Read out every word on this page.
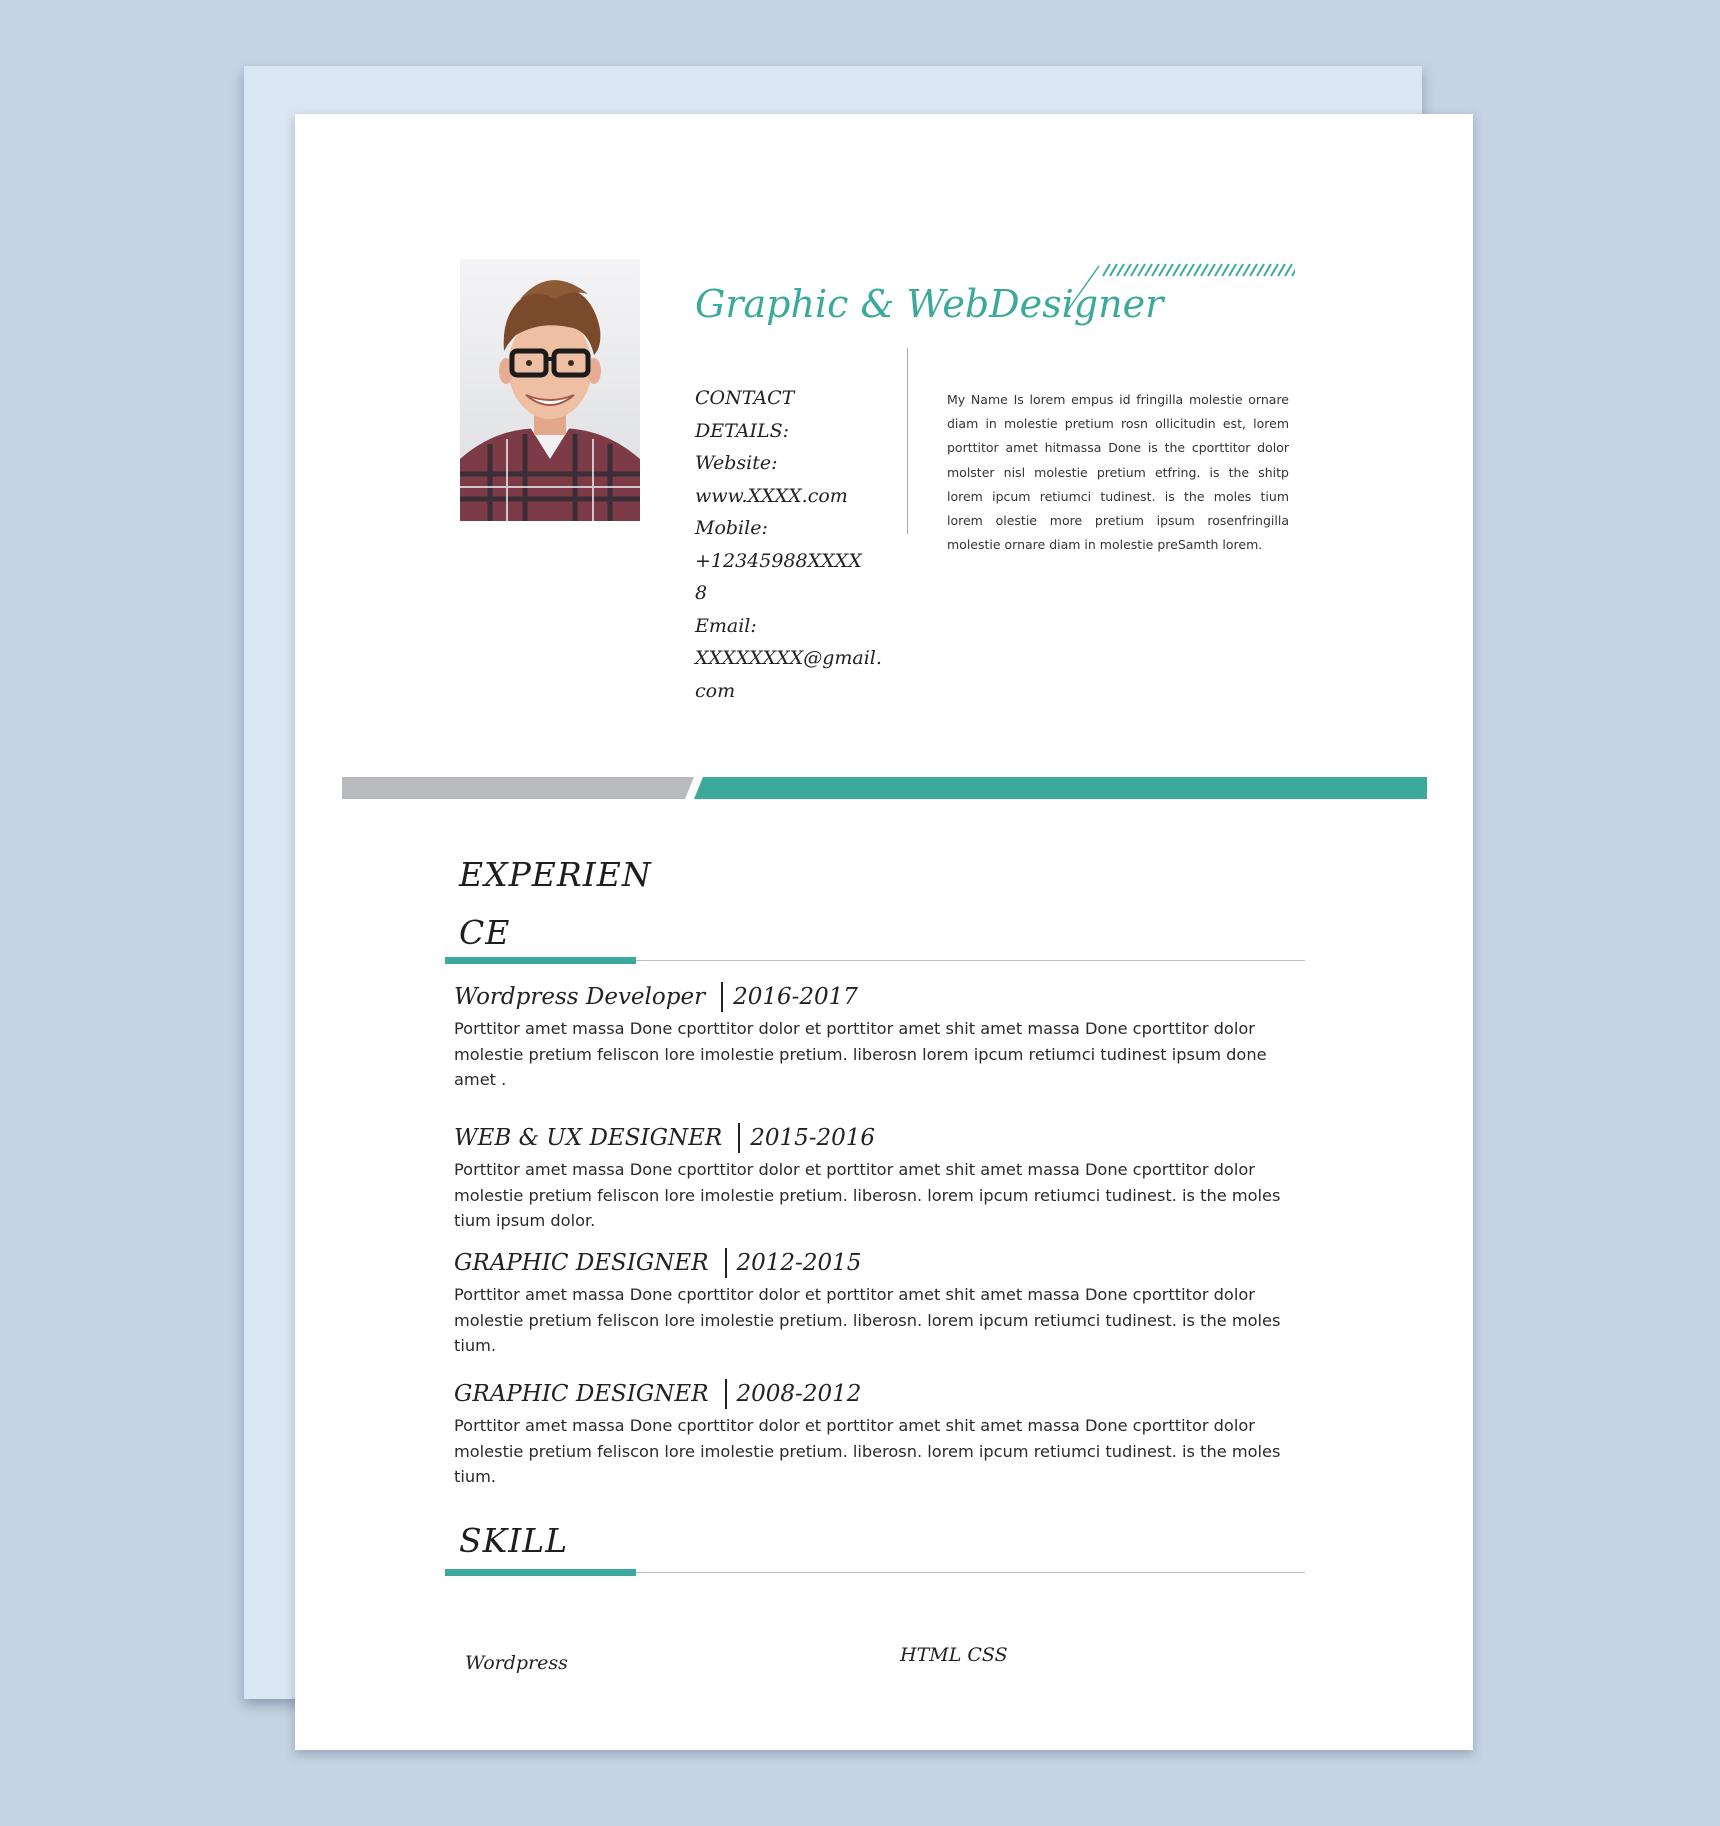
Graphic & WebDesigner
CONTACT
DETAILS:
Website:
www.XXXX.com
Mobile:
+12345988XXXX
8
Email:
XXXXXXXX@gmail.
com
My Name Is lorem empus id fringilla molestie ornare diam in molestie pretium rosn ollicitudin est, lorem porttitor amet hitmassa Done is the cporttitor dolor molster nisl molestie pretium etfring. is the shitp lorem ipcum retiumci tudinest. is the moles tium lorem olestie more pretium ipsum rosenfringilla molestie ornare diam in molestie preSamth lorem.
EXPERIEN
CE
Wordpress Developer 2016-2017
Porttitor amet massa Done cporttitor dolor et porttitor amet shit amet massa Done cporttitor dolor molestie pretium feliscon lore imolestie pretium. liberosn lorem ipcum retiumci tudinest ipsum done amet .
WEB & UX DESIGNER 2015-2016
Porttitor amet massa Done cporttitor dolor et porttitor amet shit amet massa Done cporttitor dolor molestie pretium feliscon lore imolestie pretium. liberosn. lorem ipcum retiumci tudinest. is the moles tium ipsum dolor.
GRAPHIC DESIGNER 2012-2015
Porttitor amet massa Done cporttitor dolor et porttitor amet shit amet massa Done cporttitor dolor molestie pretium feliscon lore imolestie pretium. liberosn. lorem ipcum retiumci tudinest. is the moles tium.
GRAPHIC DESIGNER 2008-2012
Porttitor amet massa Done cporttitor dolor et porttitor amet shit amet massa Done cporttitor dolor molestie pretium feliscon lore imolestie pretium. liberosn. lorem ipcum retiumci tudinest. is the moles tium.
SKILL
Wordpress	HTML CSS
